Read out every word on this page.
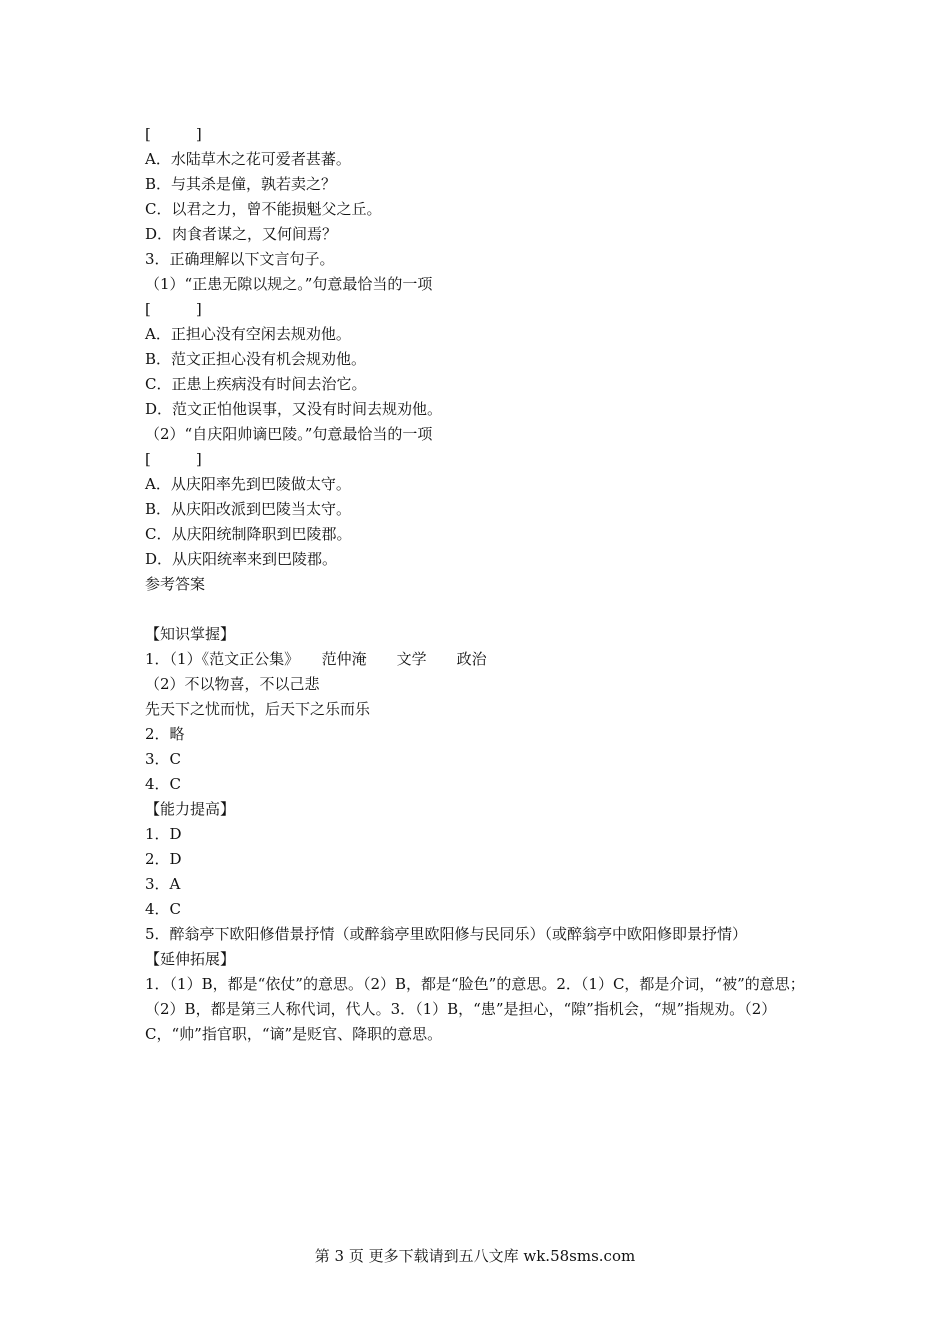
[　　　]
A．水陆草木之花可爱者甚蕃。
B．与其杀是僮，孰若卖之？
C．以君之力，曾不能损魁父之丘。
D．肉食者谋之，又何间焉？
3．正确理解以下文言句子。
（1）“正患无隙以规之。”句意最恰当的一项
[　　　]
A．正担心没有空闲去规劝他。
B．范文正担心没有机会规劝他。
C．正患上疾病没有时间去治它。
D．范文正怕他误事，又没有时间去规劝他。
（2）“自庆阳帅谪巴陵。”句意最恰当的一项
[　　　]
A．从庆阳率先到巴陵做太守。
B．从庆阳改派到巴陵当太守。
C．从庆阳统制降职到巴陵郡。
D．从庆阳统率来到巴陵郡。
参考答案
【知识掌握】
1．（1）《范文正公集》　　范仲淹　　文学　　政治
（2）不以物喜，不以己悲
先天下之忧而忧，后天下之乐而乐
2．略
3．C
4．C
【能力提高】
1．D
2．D
3．A
4．C
5．醉翁亭下欧阳修借景抒情（或醉翁亭里欧阳修与民同乐）（或醉翁亭中欧阳修即景抒情）
【延伸拓展】
1．（1）B，都是“依仗”的意思。（2）B，都是“脸色”的意思。2．（1）C，都是介词，“被”的意思；（2）B，都是第三人称代词，代人。3．（1）B，“患”是担心，“隙”指机会，“规”指规劝。（2）C，“帅”指官职，“谪”是贬官、降职的意思。
第 3 页 更多下载请到五八文库 wk.58sms.com
